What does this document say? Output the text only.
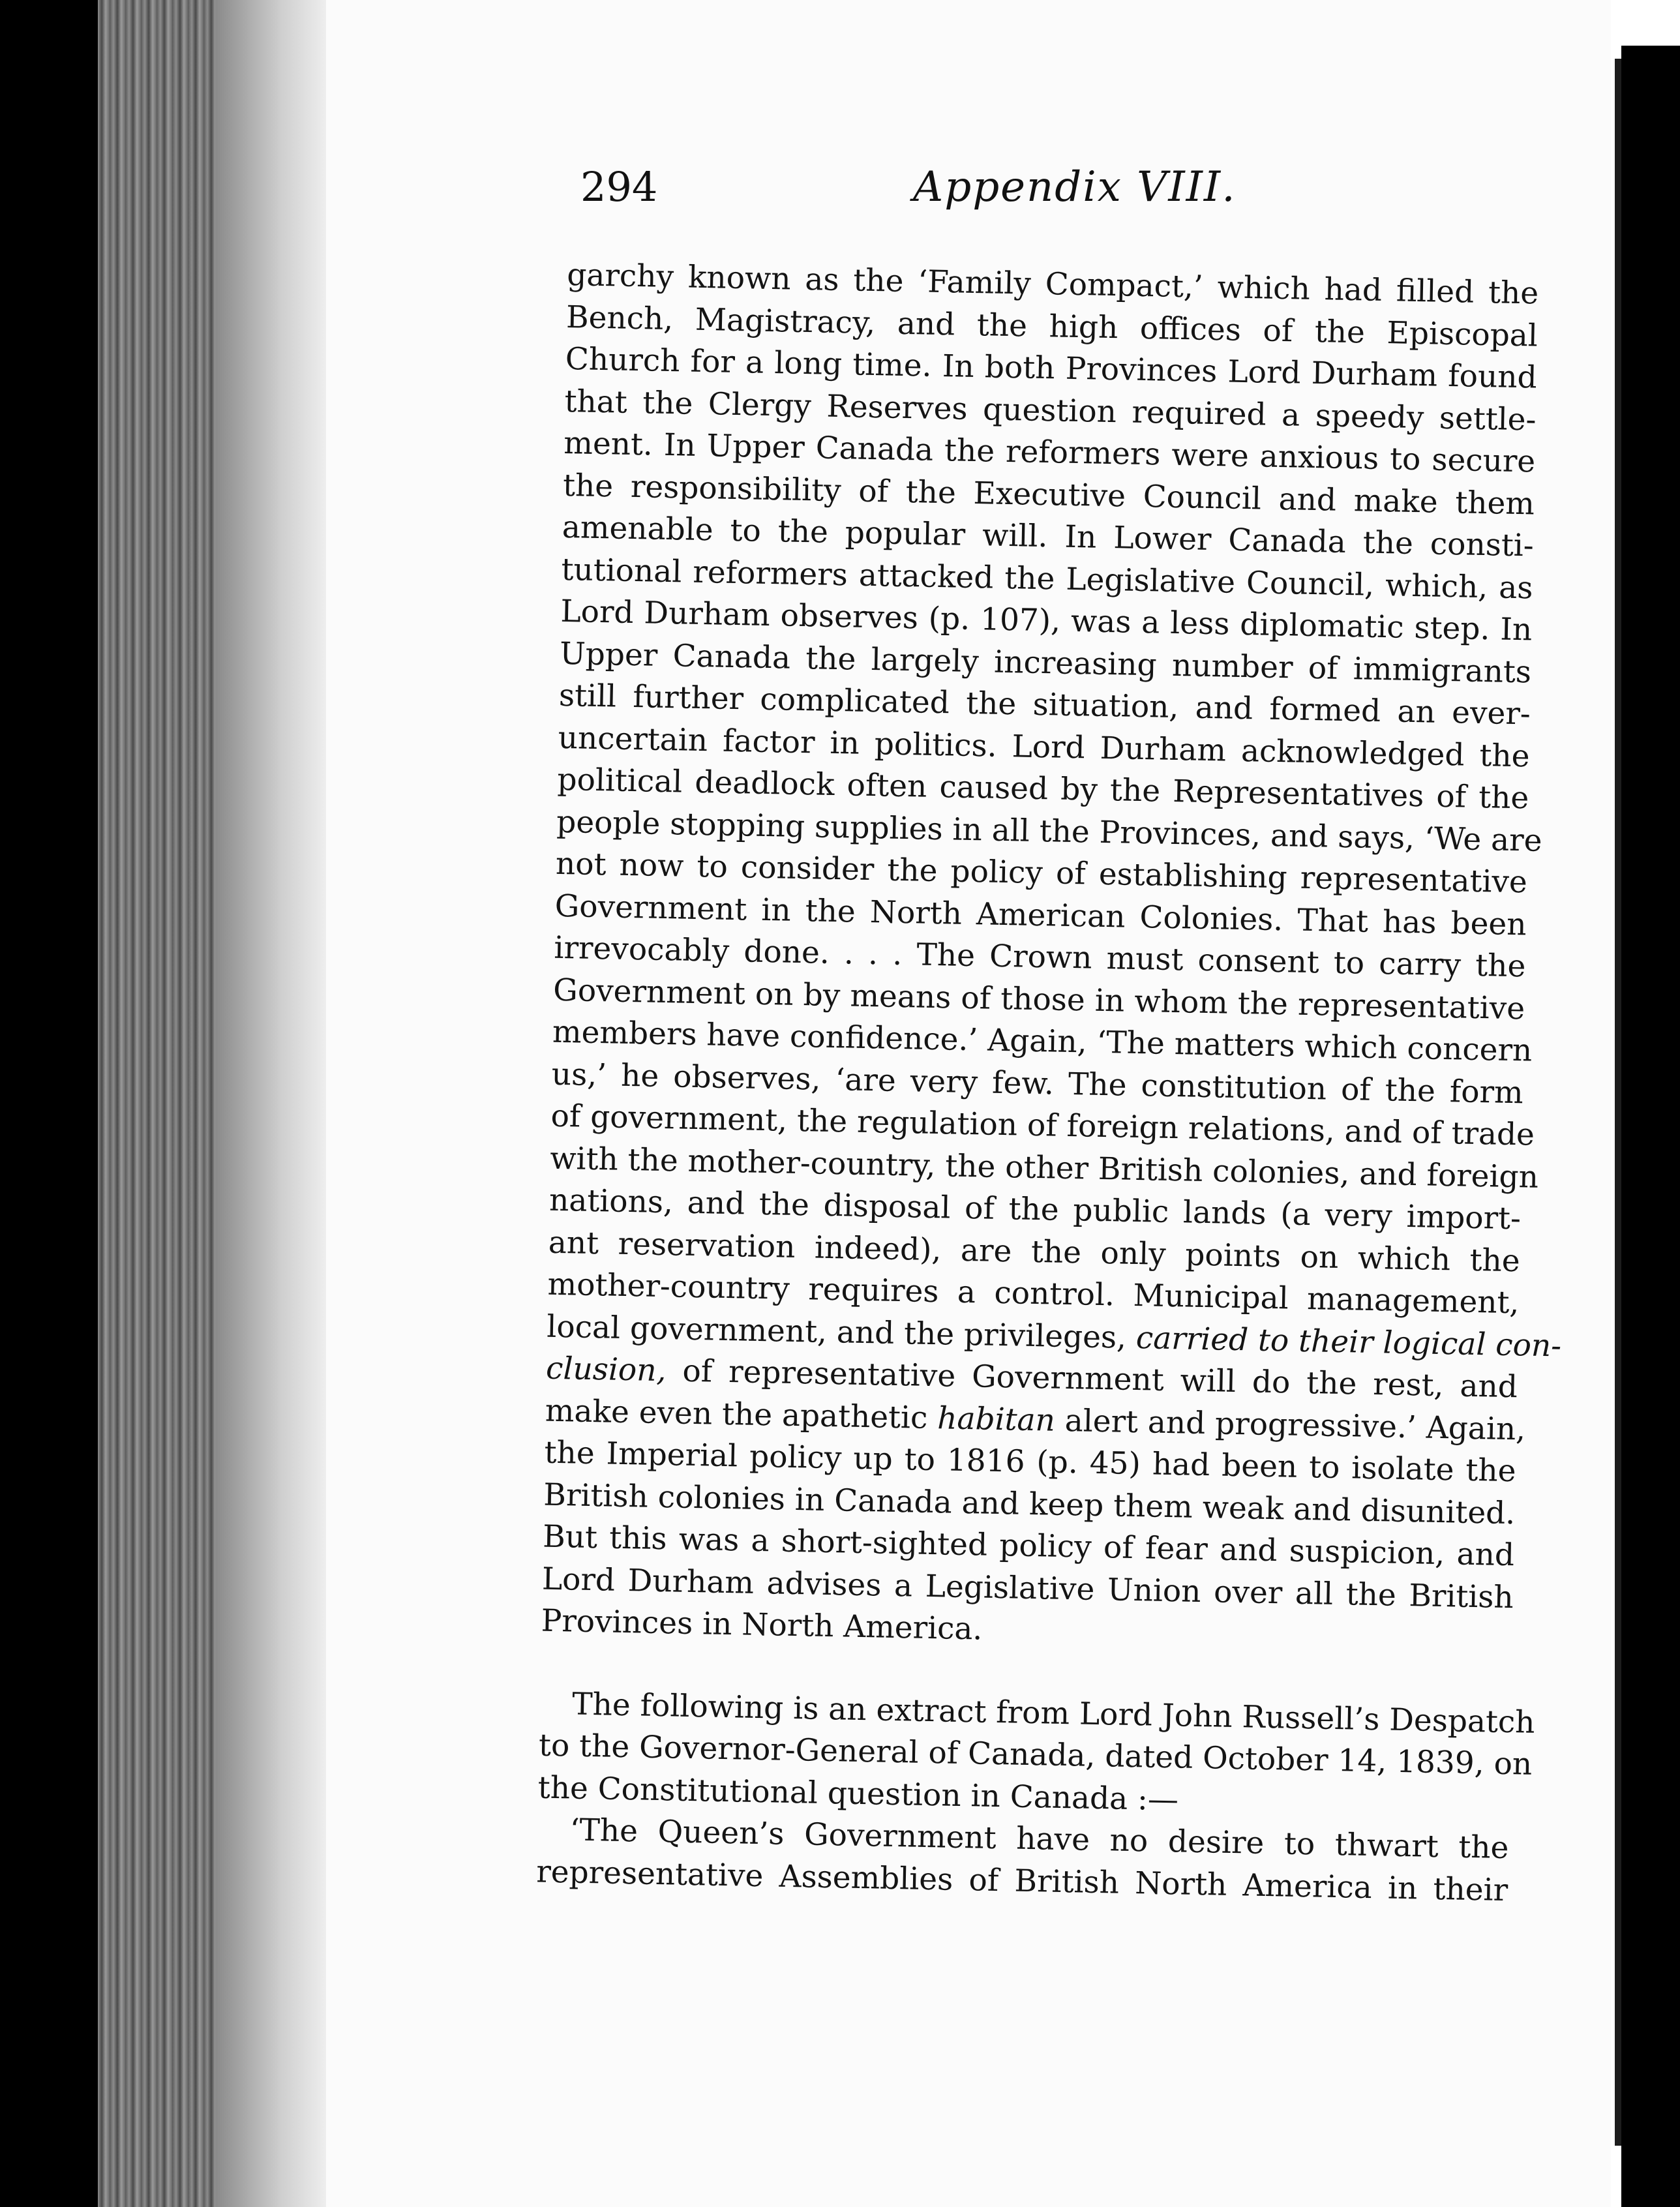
294	Appendix VIII.
garchy known as the ‘Family Compact,’ which had filled the
Bench, Magistracy, and the high offices of the Episcopal
Church for a long time. In both Provinces Lord Durham found
that the Clergy Reserves question required a speedy settle-
ment. In Upper Canada the reformers were anxious to secure
the responsibility of the Executive Council and make them
amenable to the popular will. In Lower Canada the consti-
tutional reformers attacked the Legislative Council, which, as
Lord Durham observes (p. 107), was a less diplomatic step. In
Upper Canada the largely increasing number of immigrants
still further complicated the situation, and formed an ever-
uncertain factor in politics. Lord Durham acknowledged the
political deadlock often caused by the Representatives of the
people stopping supplies in all the Provinces, and says, ‘We are
not now to consider the policy of establishing representative
Government in the North American Colonies. That has been
irrevocably done. . . . The Crown must consent to carry the
Government on by means of those in whom the representative
members have confidence.’ Again, ‘The matters which concern
us,’ he observes, ‘are very few. The constitution of the form
of government, the regulation of foreign relations, and of trade
with the mother-country, the other British colonies, and foreign
nations, and the disposal of the public lands (a very import-
ant reservation indeed), are the only points on which the
mother-country requires a control. Municipal management,
local government, and the privileges, carried to their logical con-
clusion, of representative Government will do the rest, and
make even the apathetic habitan alert and progressive.’ Again,
the Imperial policy up to 1816 (p. 45) had been to isolate the
British colonies in Canada and keep them weak and disunited.
But this was a short-sighted policy of fear and suspicion, and
Lord Durham advises a Legislative Union over all the British
Provinces in North America.
The following is an extract from Lord John Russell’s Despatch
to the Governor-General of Canada, dated October 14, 1839, on
the Constitutional question in Canada :—
‘The Queen’s Government have no desire to thwart the
representative Assemblies of British North America in their
